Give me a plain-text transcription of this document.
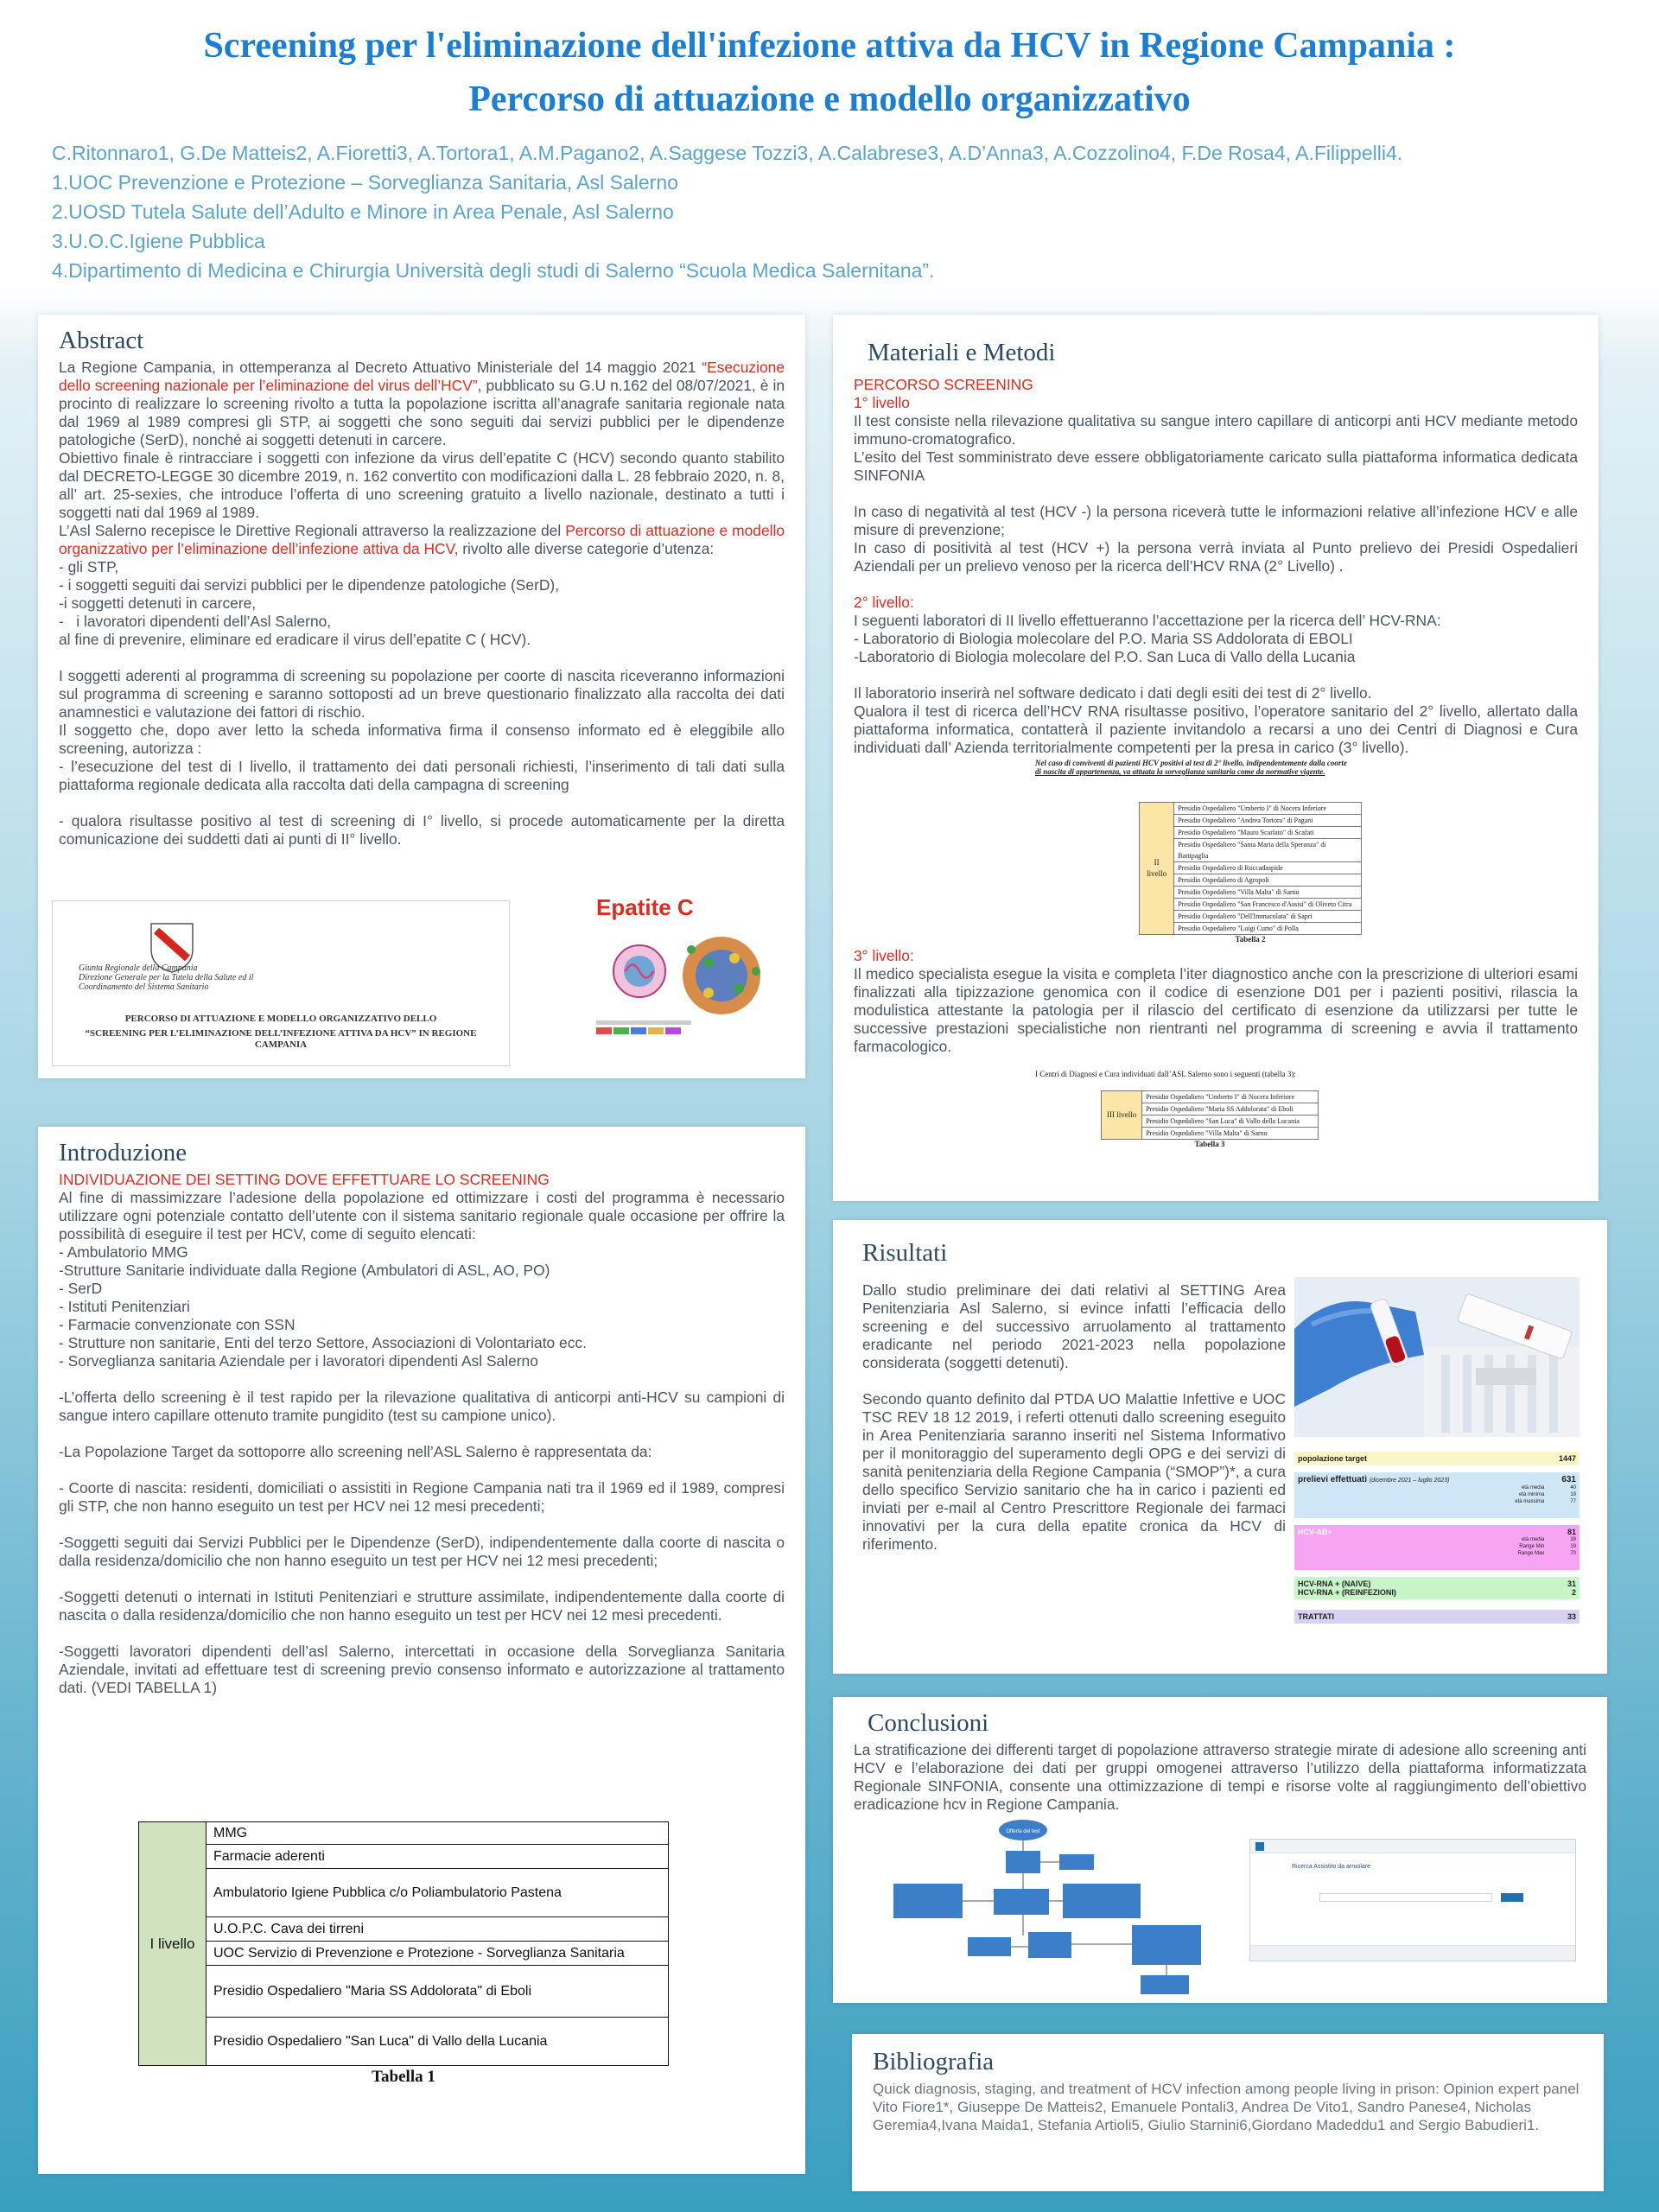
Screening per l'eliminazione dell'infezione attiva da HCV in Regione Campania :
Percorso di attuazione e modello organizzativo
C.Ritonnaro1, G.De Matteis2, A.Fioretti3, A.Tortora1, A.M.Pagano2, A.Saggese Tozzi3, A.Calabrese3, A.D’Anna3, A.Cozzolino4, F.De Rosa4, A.Filippelli4.
1.UOC Prevenzione e Protezione – Sorveglianza Sanitaria, Asl Salerno
2.UOSD Tutela Salute dell’Adulto e Minore in Area Penale, Asl Salerno
3.U.O.C.Igiene Pubblica
4.Dipartimento di Medicina e Chirurgia Università degli studi di Salerno “Scuola Medica Salernitana”.
Abstract

La Regione Campania, in ottemperanza al Decreto Attuativo Ministeriale del 14 maggio 2021 “Esecuzione dello screening nazionale per l’eliminazione del virus dell’HCV”, pubblicato su G.U n.162 del 08/07/2021, è in procinto di realizzare lo screening rivolto a tutta la popolazione iscritta all’anagrafe sanitaria regionale nata dal 1969 al 1989 compresi gli STP, ai soggetti che sono seguiti dai servizi pubblici per le dipendenze patologiche (SerD), nonché ai soggetti detenuti in carcere.

Obiettivo finale è rintracciare i soggetti con infezione da virus dell’epatite C (HCV) secondo quanto stabilito dal DECRETO-LEGGE 30 dicembre 2019, n. 162 convertito con modificazioni dalla L. 28 febbraio 2020, n. 8, all’ art. 25-sexies, che introduce l’offerta di uno screening gratuito a livello nazionale, destinato a tutti i soggetti nati dal 1969 al 1989.

L’Asl Salerno recepisce le Direttive Regionali attraverso la realizzazione del Percorso di attuazione e modello organizzativo per l’eliminazione dell’infezione attiva da HCV, rivolto alle diverse categorie d’utenza:

- gli STP,

- i soggetti seguiti dai servizi pubblici per le dipendenze patologiche (SerD),

-i soggetti detenuti in carcere,

-   i lavoratori dipendenti dell’Asl Salerno,

al fine di prevenire, eliminare ed eradicare il virus dell’epatite C ( HCV).

I soggetti aderenti al programma di screening su popolazione per coorte di nascita riceveranno informazioni sul programma di screening e saranno sottoposti ad un breve questionario finalizzato alla raccolta dei dati anamnestici e valutazione dei fattori di rischio.

Il soggetto che, dopo aver letto la scheda informativa firma il consenso informato ed è eleggibile allo screening, autorizza :

- l’esecuzione del test di I livello, il trattamento dei dati personali richiesti, l’inserimento di tali dati sulla piattaforma regionale dedicata alla raccolta dati della campagna di screening

- qualora risultasse positivo al test di screening di I° livello, si procede automaticamente per la diretta comunicazione dei suddetti dati ai punti di II° livello.

Giunta Regionale della Campania
Direzione Generale per la Tutela della Salute ed il
Coordinamento del Sistema Sanitario
PERCORSO DI ATTUAZIONE E MODELLO ORGANIZZATIVO DELLO
“SCREENING PER L’ELIMINAZIONE DELL’INFEZIONE ATTIVA DA HCV” IN REGIONE CAMPANIA
Epatite C
Introduzione
INDIVIDUAZIONE DEI SETTING DOVE EFFETTUARE LO SCREENING

Al fine di massimizzare l’adesione della popolazione ed ottimizzare i costi del programma è necessario utilizzare ogni potenziale contatto dell’utente con il sistema sanitario regionale quale occasione per offrire la possibilità di eseguire il test per HCV, come di seguito elencati:

- Ambulatorio MMG

-Strutture Sanitarie individuate dalla Regione (Ambulatori di ASL, AO, PO)

- SerD

- Istituti Penitenziari

- Farmacie convenzionate con SSN

- Strutture non sanitarie, Enti del terzo Settore, Associazioni di Volontariato ecc.

- Sorveglianza sanitaria Aziendale per i lavoratori dipendenti Asl Salerno

-L’offerta dello screening è il test rapido per la rilevazione qualitativa di anticorpi anti-HCV su campioni di sangue intero capillare ottenuto tramite pungidito (test su campione unico).

-La Popolazione Target da sottoporre allo screening nell’ASL Salerno è rappresentata da:

- Coorte di nascita: residenti, domiciliati o assistiti in Regione Campania nati tra il 1969 ed il 1989, compresi gli STP, che non hanno eseguito un test per HCV nei 12 mesi precedenti;

-Soggetti seguiti dai Servizi Pubblici per le Dipendenze (SerD), indipendentemente dalla coorte di nascita o dalla residenza/domicilio che non hanno eseguito un test per HCV nei 12 mesi precedenti;

-Soggetti detenuti o internati in Istituti Penitenziari e strutture assimilate, indipendentemente dalla coorte di nascita o dalla residenza/domicilio che non hanno eseguito un test per HCV nei 12 mesi precedenti.

-Soggetti lavoratori dipendenti dell’asl Salerno, intercettati in occasione della Sorveglianza Sanitaria Aziendale, invitati ad effettuare test di screening previo consenso informato e autorizzazione al trattamento dati. (VEDI TABELLA 1)

I livello	MMG
Farmacie aderenti
Ambulatorio Igiene Pubblica c/o Poliambulatorio Pastena
U.O.P.C. Cava dei tirreni
UOC Servizio di Prevenzione e Protezione - Sorveglianza Sanitaria
Presidio Ospedaliero "Maria SS Addolorata" di Eboli
Presidio Ospedaliero "San Luca" di Vallo della Lucania
Tabella 1
Materiali e Metodi

PERCORSO SCREENING

1° livello

Il test consiste nella rilevazione qualitativa su sangue intero capillare di anticorpi anti HCV mediante metodo immuno-cromatografico.

L’esito del Test somministrato deve essere obbligatoriamente caricato sulla piattaforma informatica dedicata SINFONIA

In caso di negatività al test (HCV -) la persona riceverà tutte le informazioni relative all’infezione HCV e alle misure di prevenzione;

In caso di positività al test (HCV +) la persona verrà inviata al Punto prelievo dei Presidi Ospedalieri Aziendali per un prelievo venoso per la ricerca dell’HCV RNA (2° Livello) .

2° livello:

I seguenti laboratori di II livello effettueranno l’accettazione per la ricerca dell’ HCV-RNA:

- Laboratorio di Biologia molecolare del P.O. Maria SS Addolorata di EBOLI

-Laboratorio di Biologia molecolare del P.O. San Luca di Vallo della Lucania

Il laboratorio inserirà nel software dedicato i dati degli esiti dei test di 2° livello.

Qualora il test di ricerca dell’HCV RNA risultasse positivo, l’operatore sanitario del 2° livello, allertato dalla piattaforma informatica, contatterà il paziente invitandolo a recarsi a uno dei Centri di Diagnosi e Cura individuati dall’ Azienda territorialmente competenti per la presa in carico (3° livello).

Nel caso di conviventi di pazienti HCV positivi al test di 2° livello, indipendentemente dalla coorte
di nascita di appartenenza, va attuata la sorveglianza sanitaria come da normative vigente.
II livello	Presidio Ospedaliero "Umberto I" di Nocera Inferiore
Presidio Ospedaliero "Andrea Tortora" di Pagani
Presidio Ospedaliero "Mauro Scarlato" di Scafati
Presidio Ospedaliero "Santa Maria della Speranza" di Battipaglia
Presidio Ospedaliero di Roccadaspide
Presidio Ospedaliero di Agropoli
Presidio Ospedaliero "Villa Malta" di Sarno
Presidio Ospedaliero "San Francesco d'Assisi" di Oliveto Citra
Presidio Ospedaliero "Dell'Immacolata" di Sapri
Presidio Ospedaliero "Luigi Curto" di Polla
Tabella 2

3° livello:

Il medico specialista esegue la visita e completa l’iter diagnostico anche con la prescrizione di ulteriori esami finalizzati alla tipizzazione genomica con il codice di esenzione D01 per i pazienti positivi, rilascia la modulistica attestante la patologia per il rilascio del certificato di esenzione da utilizzarsi per tutte le successive prestazioni specialistiche non rientranti nel programma di screening e avvia il trattamento farmacologico.

I Centri di Diagnosi e Cura individuati dall’ASL Salerno sono i seguenti (tabella 3):
III livello	Presidio Ospedaliero "Umberto I" di Nocera Inferiore
Presidio Ospedaliero "Maria SS Addolorata" di Eboli
Presidio Ospedaliero "San Luca" di Vallo della Lucania
Presidio Ospedaliero "Villa Malta" di Sarno
Tabella 3
Risultati

Dallo studio preliminare dei dati relativi al SETTING Area Penitenziaria Asl Salerno, si evince infatti l’efficacia dello screening e del successivo arruolamento al trattamento eradicante nel periodo 2021-2023 nella popolazione considerata (soggetti detenuti).

Secondo quanto definito dal PTDA UO Malattie Infettive e UOC TSC REV 18 12 2019, i referti ottenuti dallo screening eseguito in Area Penitenziaria saranno inseriti nel Sistema Informativo per il monitoraggio del superamento degli OPG e dei servizi di sanità penitenziaria della Regione Campania (“SMOP”)*, a cura dello specifico Servizio sanitario che ha in carico i pazienti ed inviati per e-mail al Centro Prescrittore Regionale dei farmaci innovativi per la cura della epatite cronica da HCV di riferimento.

popolazione target	1447
prelievi effettuati (dicembre 2021 – luglio 2023)	631
età media	40
età minima	19
età massima	77
HCV-AB+	81
età media	39
Range Min	19
Range Max	70
HCV-RNA + (NAIVE)	31
HCV-RNA + (REINFEZIONI)	2
TRATTATI	33
Conclusioni
La stratificazione dei differenti target di popolazione attraverso strategie mirate di adesione allo screening anti HCV e l’elaborazione dei dati per gruppi omogenei attraverso l’utilizzo della piattaforma informatizzata Regionale SINFONIA, consente una ottimizzazione di tempi e risorse volte al raggiungimento dell’obiettivo eradicazione hcv in Regione Campania.
Offerta del test
Ricerca Assistito da arruolare
Bibliografia

Quick diagnosis, staging, and treatment of HCV infection among people living in prison: Opinion expert panel

Vito Fiore1*, Giuseppe De Matteis2, Emanuele Pontali3, Andrea De Vito1, Sandro Panese4, Nicholas Geremia4,Ivana Maida1, Stefania Artioli5, Giulio Starnini6,Giordano Madeddu1 and Sergio Babudieri1.
